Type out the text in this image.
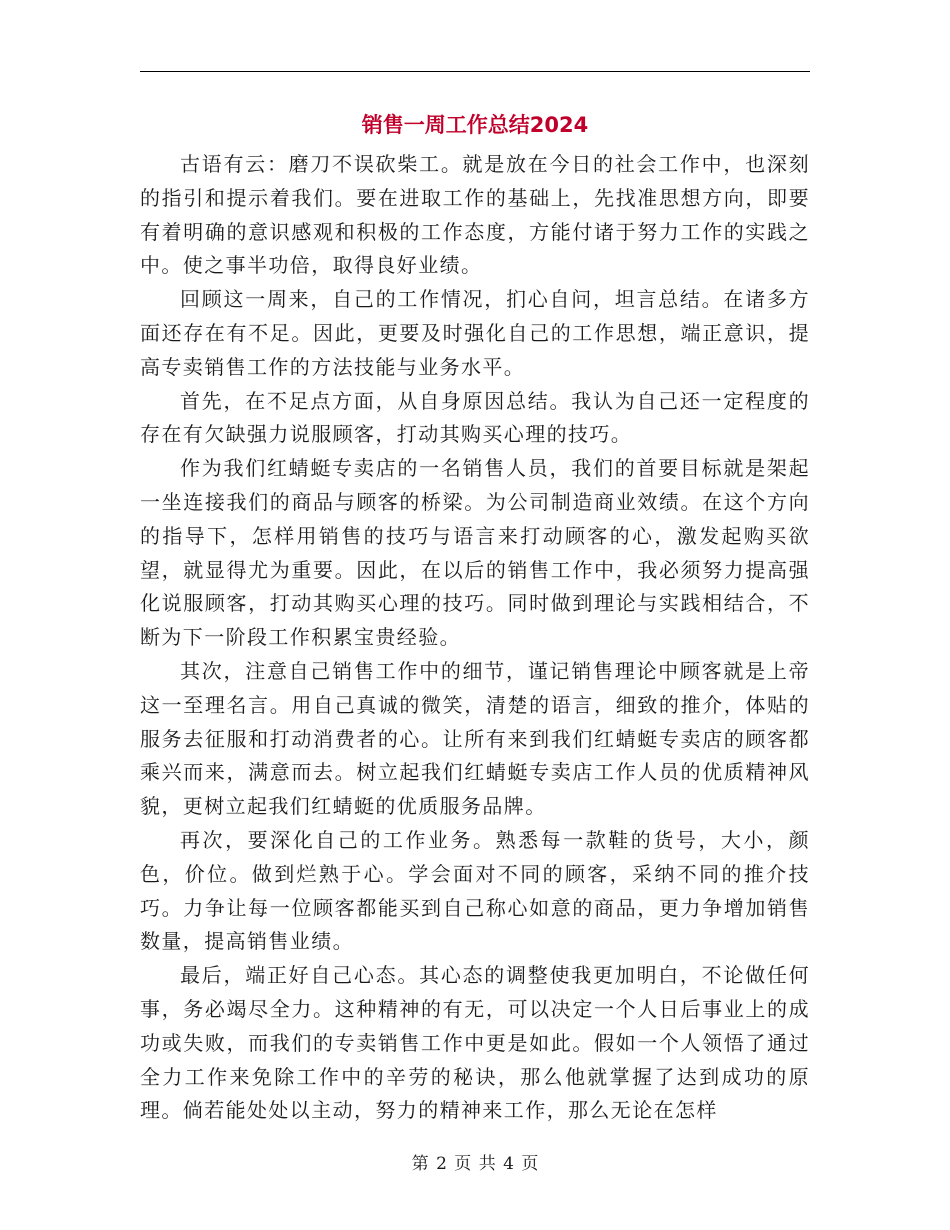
销售一周工作总结2024

古语有云：磨刀不误砍柴工。就是放在今日的社会工作中，也深刻的指引和提示着我们。要在进取工作的基础上，先找准思想方向，即要有着明确的意识感观和积极的工作态度，方能付诸于努力工作的实践之中。使之事半功倍，取得良好业绩。

回顾这一周来，自己的工作情况，扪心自问，坦言总结。在诸多方面还存在有不足。因此，更要及时强化自己的工作思想，端正意识，提高专卖销售工作的方法技能与业务水平。

首先，在不足点方面，从自身原因总结。我认为自己还一定程度的存在有欠缺强力说服顾客，打动其购买心理的技巧。

作为我们红蜻蜓专卖店的一名销售人员，我们的首要目标就是架起一坐连接我们的商品与顾客的桥梁。为公司制造商业效绩。在这个方向的指导下，怎样用销售的技巧与语言来打动顾客的心，激发起购买欲望，就显得尤为重要。因此，在以后的销售工作中，我必须努力提高强化说服顾客，打动其购买心理的技巧。同时做到理论与实践相结合，不断为下一阶段工作积累宝贵经验。

其次，注意自己销售工作中的细节，谨记销售理论中顾客就是上帝这一至理名言。用自己真诚的微笑，清楚的语言，细致的推介，体贴的服务去征服和打动消费者的心。让所有来到我们红蜻蜓专卖店的顾客都乘兴而来，满意而去。树立起我们红蜻蜓专卖店工作人员的优质精神风貌，更树立起我们红蜻蜓的优质服务品牌。

再次，要深化自己的工作业务。熟悉每一款鞋的货号，大小，颜色，价位。做到烂熟于心。学会面对不同的顾客，采纳不同的推介技巧。力争让每一位顾客都能买到自己称心如意的商品，更力争增加销售数量，提高销售业绩。

最后，端正好自己心态。其心态的调整使我更加明白，不论做任何事，务必竭尽全力。这种精神的有无，可以决定一个人日后事业上的成功或失败，而我们的专卖销售工作中更是如此。假如一个人领悟了通过全力工作来免除工作中的辛劳的秘诀，那么他就掌握了达到成功的原理。倘若能处处以主动，努力的精神来工作，那么无论在怎样

第 2 页 共 4 页
